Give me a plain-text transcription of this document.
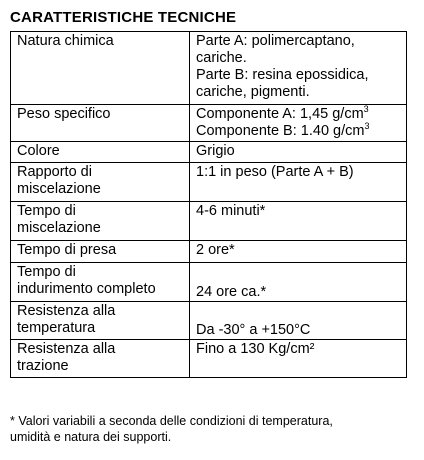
CARATTERISTICHE TECNICHE
Natura chimica	Parte A: polimercaptano,
cariche.
Parte B: resina epossidica,
cariche, pigmenti.

Peso specifico	Componente A: 1,45 $g/cm^3$
Componente B: 1.40 $g/cm^3$

Colore	Grigio

Rapporto di
miscelazione	1:1 in peso (Parte A + B)

Tempo di
miscelazione	4-6 minuti*

Tempo di presa	2 ore*

Tempo di
indurimento completo	24 ore ca.*

Resistenza alla
temperatura	Da -30° a +150°C

Resistenza alla
trazione	Fino a 130 Kg/cm²
* Valori variabili a seconda delle condizioni di temperatura,
umidità e natura dei supporti.
